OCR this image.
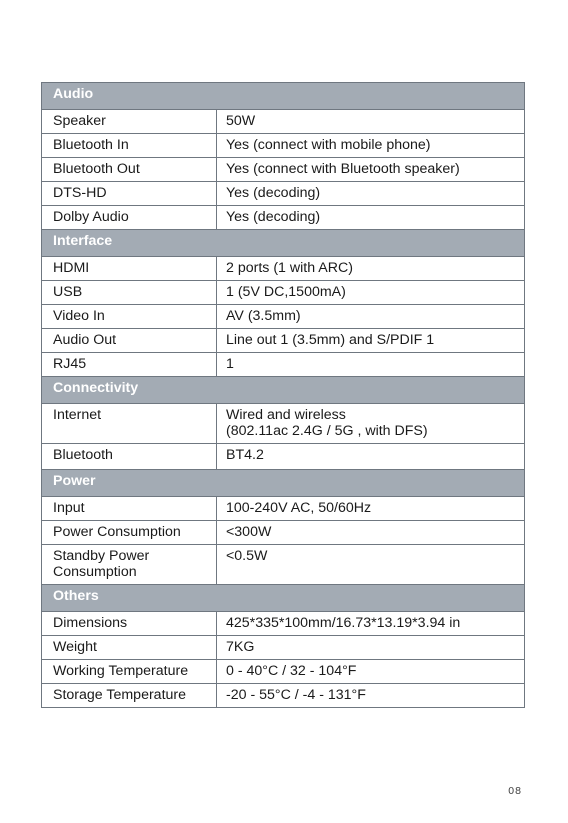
Audio	
Speaker	50W

Bluetooth In	Yes (connect with mobile phone)

Bluetooth Out	Yes (connect with Bluetooth speaker)

DTS-HD	Yes (decoding)

Dolby Audio	Yes (decoding)

Interface	
HDMI	2 ports (1 with ARC)

USB	1 (5V DC,1500mA)

Video In	AV (3.5mm)

Audio Out	Line out 1 (3.5mm) and S/PDIF 1

RJ45	1

Connectivity	
Internet	Wired and wireless
(802.11ac 2.4G / 5G , with DFS)

Bluetooth	BT4.2

Power	
Input	100-240V AC, 50/60Hz

Power Consumption	<300W

Standby Power
Consumption	<0.5W

Others	
Dimensions	425*335*100mm/16.73*13.19*3.94 in

Weight	7KG

Working Temperature	0 - 40°C / 32 - 104°F

Storage Temperature	-20 - 55°C / -4 - 131°F
08
